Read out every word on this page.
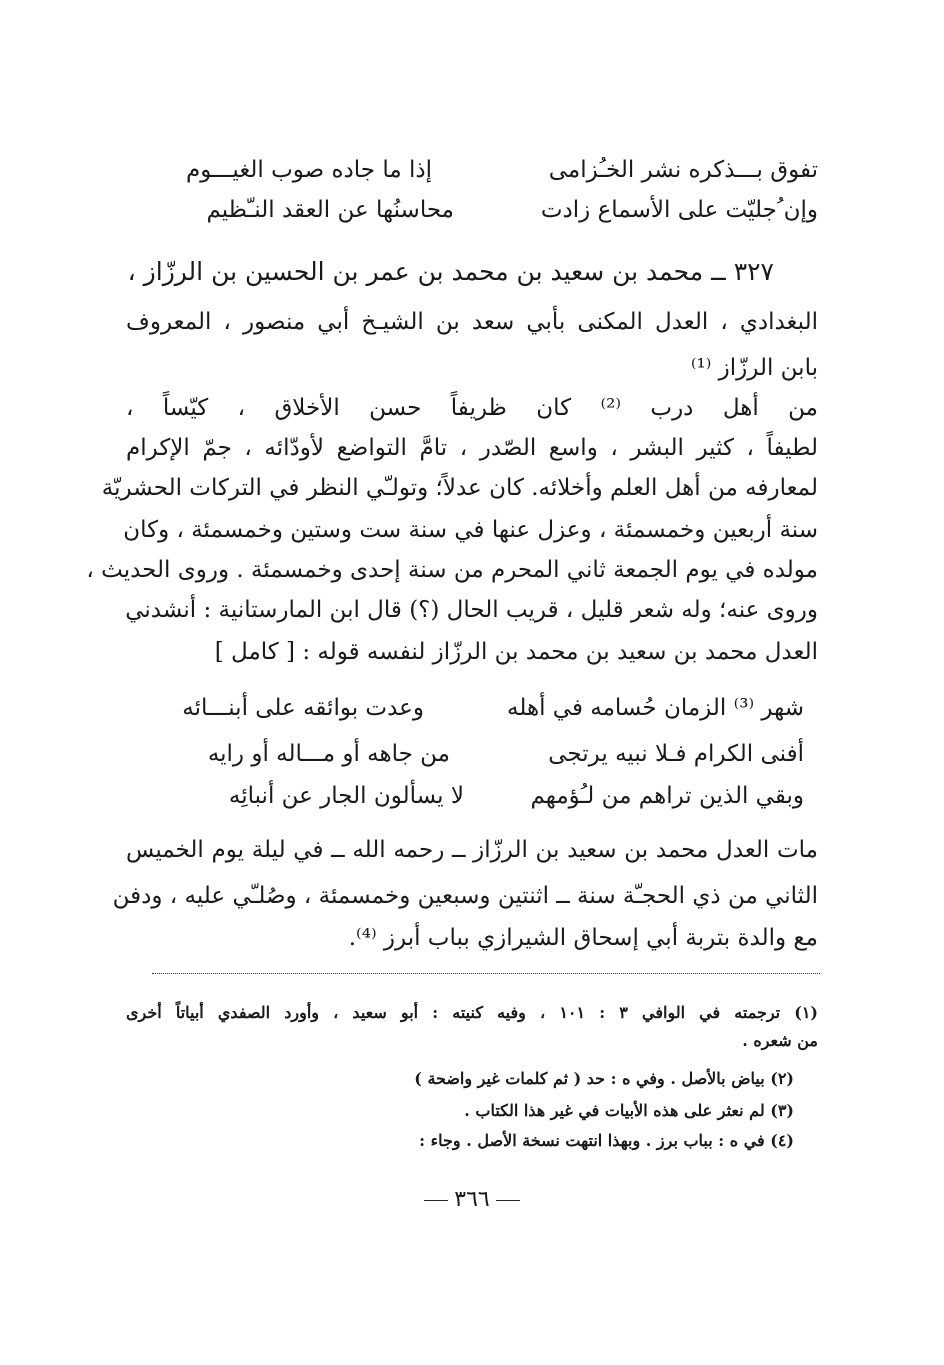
تفوق بـــذكره نشر الخـُزامى
إذا ما جاده صوب الغيـــوم
وإن ُجليّت على الأسماع زادت
محاسنُها عن العقد النـّظيم
٣٢٧ ــ محمد بن سعيد بن محمد بن عمر بن الحسين بن الرزّاز ،
البغدادي ، العدل المكنى بأبي سعد بن الشيـخ أبي منصور ، المعروف
بابن الرزّاز ⁽¹⁾
من أهل درب ⁽²⁾ كان ظريفاً حسن الأخلاق ، كيّساً ،
لطيفاً ، كثير البشر ، واسع الصّدر ، تامَّ التواضع لأودّائه ، جمّ الإكرام
لمعارفه من أهل العلم وأخلائه. كان عدلاً؛ وتولـّي النظر في التركات الحشريّة
سنة أربعين وخمسمئة ، وعزل عنها في سنة ست وستين وخمسمئة ، وكان
مولده في يوم الجمعة ثاني المحرم من سنة إحدى وخمسمئة . وروى الحديث ،
وروى عنه؛ وله شعر قليل ، قريب الحال (؟) قال ابن المارستانية : أنشدني
العدل محمد بن سعيد بن محمد بن الرزّاز لنفسه قوله : [ كامل ]
شهر ⁽³⁾ الزمان حُسامه في أهله
وعدت بوائقه على أبنـــائه
أفنى الكرام فـلا نبيه يرتجى
من جاهه أو مـــاله أو رايه
وبقي الذين تراهم من لـُؤمهم
لا يسألون الجار عن أنبائِه
مات العدل محمد بن سعيد بن الرزّاز ــ رحمه الله ــ في ليلة يوم الخميس
الثاني من ذي الحجـّة سنة ــ اثنتين وسبعين وخمسمئة ، وصُلـّي عليه ، ودفن
مع والدة بتربة أبي إسحاق الشيرازي بباب أبرز ⁽⁴⁾.
(١) ترجمته في الوافي ٣ : ١٠١ ، وفيه كنيته : أبو سعيد ، وأورد الصفدي أبياتاً أخرى
من شعره .
(٢) بياض بالأصل . وفي ه : حد ( ثم كلمات غير واضحة )
(٣) لم نعثر على هذه الأبيات في غير هذا الكتاب .
(٤) في ه : بباب برز . وبهذا انتهت نسخة الأصل . وجاء :
٣٦٦
